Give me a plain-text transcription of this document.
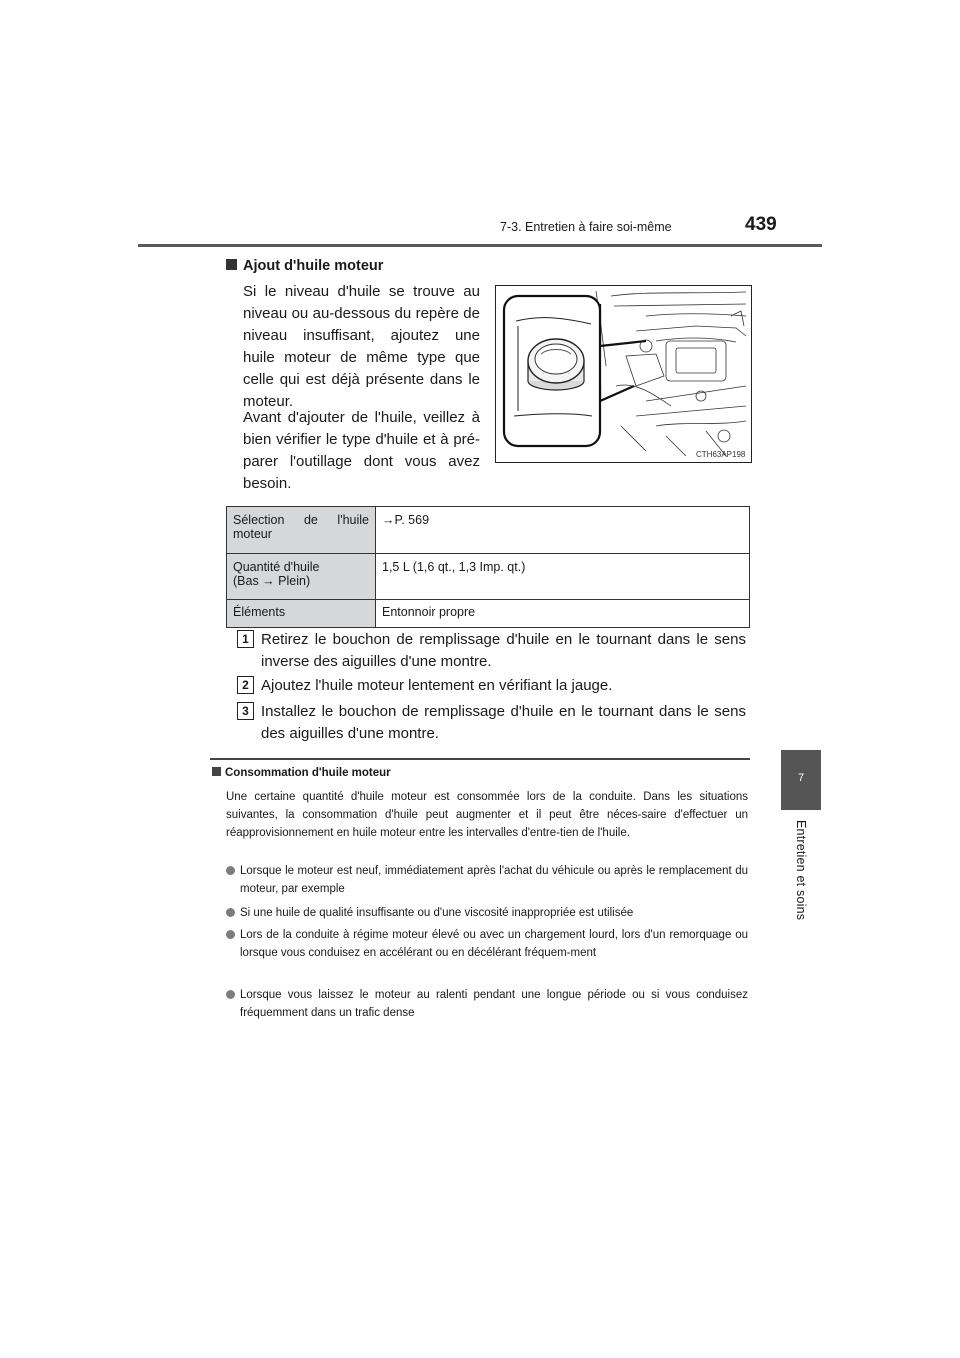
7-3. Entretien à faire soi-même	439
7
Entretien et soins
Ajout d'huile moteur
Si le niveau d'huile se trouve au niveau ou au-dessous du repère de niveau insuffisant, ajoutez une huile moteur de même type que celle qui est déjà présente dans le moteur.
Avant d'ajouter de l'huile, veillez à bien vérifier le type d'huile et à pré-parer l'outillage dont vous avez besoin.
CTH63AP198
Sélection de l'huile moteur	→P. 569

Quantité d'huile
(Bas → Plein)	1,5 L (1,6 qt., 1,3 Imp. qt.)
Éléments	Entonnoir propre
1 Retirez le bouchon de remplissage d'huile en le tournant dans le sens inverse des aiguilles d'une montre.
2 Ajoutez l'huile moteur lentement en vérifiant la jauge.
3 Installez le bouchon de remplissage d'huile en le tournant dans le sens des aiguilles d'une montre.
Consommation d'huile moteur
Une certaine quantité d'huile moteur est consommée lors de la conduite. Dans les situations suivantes, la consommation d'huile peut augmenter et il peut être néces-saire d'effectuer un réapprovisionnement en huile moteur entre les intervalles d'entre-tien de l'huile.
Lorsque le moteur est neuf, immédiatement après l'achat du véhicule ou après le remplacement du moteur, par exemple
Si une huile de qualité insuffisante ou d'une viscosité inappropriée est utilisée
Lors de la conduite à régime moteur élevé ou avec un chargement lourd, lors d'un remorquage ou lorsque vous conduisez en accélérant ou en décélérant fréquem-ment
Lorsque vous laissez le moteur au ralenti pendant une longue période ou si vous conduisez fréquemment dans un trafic dense
